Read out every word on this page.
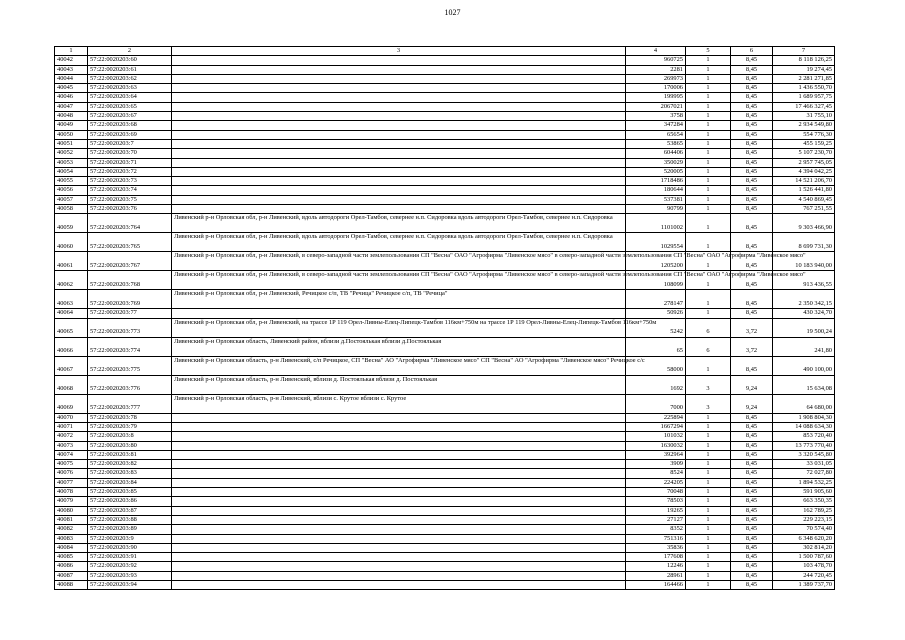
1027
1	2	3	4	5	6	7
40042	57:22:0020203:60		960725	1	8,45	8 118 126,25
40043	57:22:0020203:61		2281	1	8,45	19 274,45
40044	57:22:0020203:62		269973	1	8,45	2 281 271,85
40045	57:22:0020203:63		170006	1	8,45	1 436 550,70
40046	57:22:0020203:64		199995	1	8,45	1 689 957,75
40047	57:22:0020203:65		2067021	1	8,45	17 466 327,45
40048	57:22:0020203:67		3758	1	8,45	31 755,10
40049	57:22:0020203:68		347284	1	8,45	2 934 549,80
40050	57:22:0020203:69		65654	1	8,45	554 776,30
40051	57:22:0020203:7		53865	1	8,45	455 159,25
40052	57:22:0020203:70		604406	1	8,45	5 107 230,70
40053	57:22:0020203:71		350029	1	8,45	2 957 745,05
40054	57:22:0020203:72		520005	1	8,45	4 394 042,25
40055	57:22:0020203:73		1718486	1	8,45	14 521 206,70
40056	57:22:0020203:74		180644	1	8,45	1 526 441,80
40057	57:22:0020203:75		537381	1	8,45	4 540 869,45
40058	57:22:0020203:76		90799	1	8,45	767 251,55
40059	57:22:0020203:764	Ливенский р-н Орловская обл, р-н Ливенский, вдоль автодороги Орел-Тамбов, севернее н.п. Сидоровка вдоль автодороги Орел-Тамбов, севернее н.п. Сидоровка	1101002	1	8,45	9 303 466,90
40060	57:22:0020203:765	Ливенский р-н Орловская обл, р-н Ливенский, вдоль автодороги Орел-Тамбов, севернее н.п. Сидоровка вдоль автодороги Орел-Тамбов, севернее н.п. Сидоровка	1029554	1	8,45	8 699 731,30
40061	57:22:0020203:767	Ливенский р-н Орловская обл, р-н Ливенский, в северо-западной части землепользования СП "Весна" ОАО "Агрофирма "Ливенское мясо" в северо-западной части землепользования СП "Весна" ОАО "Агрофирма "Ливенское мясо"	1205200	1	8,45	10 183 940,00
40062	57:22:0020203:768	Ливенский р-н Орловская обл, р-н Ливенский, в северо-западной части землепользования СП "Весна" ОАО "Агрофирма "Ливенское мясо" в северо-западной части землепользования СП "Весна" ОАО "Агрофирма "Ливенское мясо"	108099	1	8,45	913 436,55
40063	57:22:0020203:769	Ливенский р-н Орловская обл, р-н Ливенский, Речицкое с/п, ТВ "Речица" Речицкое с/п, ТВ "Речица"	278147	1	8,45	2 350 342,15
40064	57:22:0020203:77		50926	1	8,45	430 324,70
40065	57:22:0020203:773	Ливенский р-н Орловская обл, р-н Ливенский, на трассе 1Р 119 Орел-Ливны-Елец-Липецк-Тамбов 116км+750м на трассе 1Р 119 Орел-Ливны-Елец-Липецк-Тамбов 116км+750м	5242	6	3,72	19 500,24
40066	57:22:0020203:774	Ливенский р-н Орловская область, Ливенский район, вблизи д.Постоялькая вблизи д.Постоялькая	65	6	3,72	241,80
40067	57:22:0020203:775	Ливенский р-н Орловская область, р-н Ливенский, с/п Речицкое, СП "Весна" АО "Агрофирма "Ливенское мясо" СП "Весна" АО "Агрофирма "Ливенское мясо" Речицкое с/с	58000	1	8,45	490 100,00
40068	57:22:0020203:776	Ливенский р-н Орловская область, р-н Ливенский, вблизи д. Постоялькая вблизи д. Постоялькая	1692	3	9,24	15 634,08
40069	57:22:0020203:777	Ливенский р-н Орловская область, р-н Ливенский, вблизи с. Крутое вблизи с. Крутое	7000	3	9,24	64 680,00
40070	57:22:0020203:78		225894	1	8,45	1 908 804,30
40071	57:22:0020203:79		1667294	1	8,45	14 088 634,30
40072	57:22:0020203:8		101032	1	8,45	853 720,40
40073	57:22:0020203:80		1630032	1	8,45	13 773 770,40
40074	57:22:0020203:81		392964	1	8,45	3 320 545,80
40075	57:22:0020203:82		3909	1	8,45	33 031,05
40076	57:22:0020203:83		8524	1	8,45	72 027,80
40077	57:22:0020203:84		224205	1	8,45	1 894 532,25
40078	57:22:0020203:85		70048	1	8,45	591 905,60
40079	57:22:0020203:86		78503	1	8,45	663 350,35
40080	57:22:0020203:87		19265	1	8,45	162 789,25
40081	57:22:0020203:88		27127	1	8,45	229 223,15
40082	57:22:0020203:89		8352	1	8,45	70 574,40
40083	57:22:0020203:9		751316	1	8,45	6 348 620,20
40084	57:22:0020203:90		35836	1	8,45	302 814,20
40085	57:22:0020203:91		177608	1	8,45	1 500 787,60
40086	57:22:0020203:92		12246	1	8,45	103 478,70
40087	57:22:0020203:93		28961	1	8,45	244 720,45
40088	57:22:0020203:94		164466	1	8,45	1 389 737,70
